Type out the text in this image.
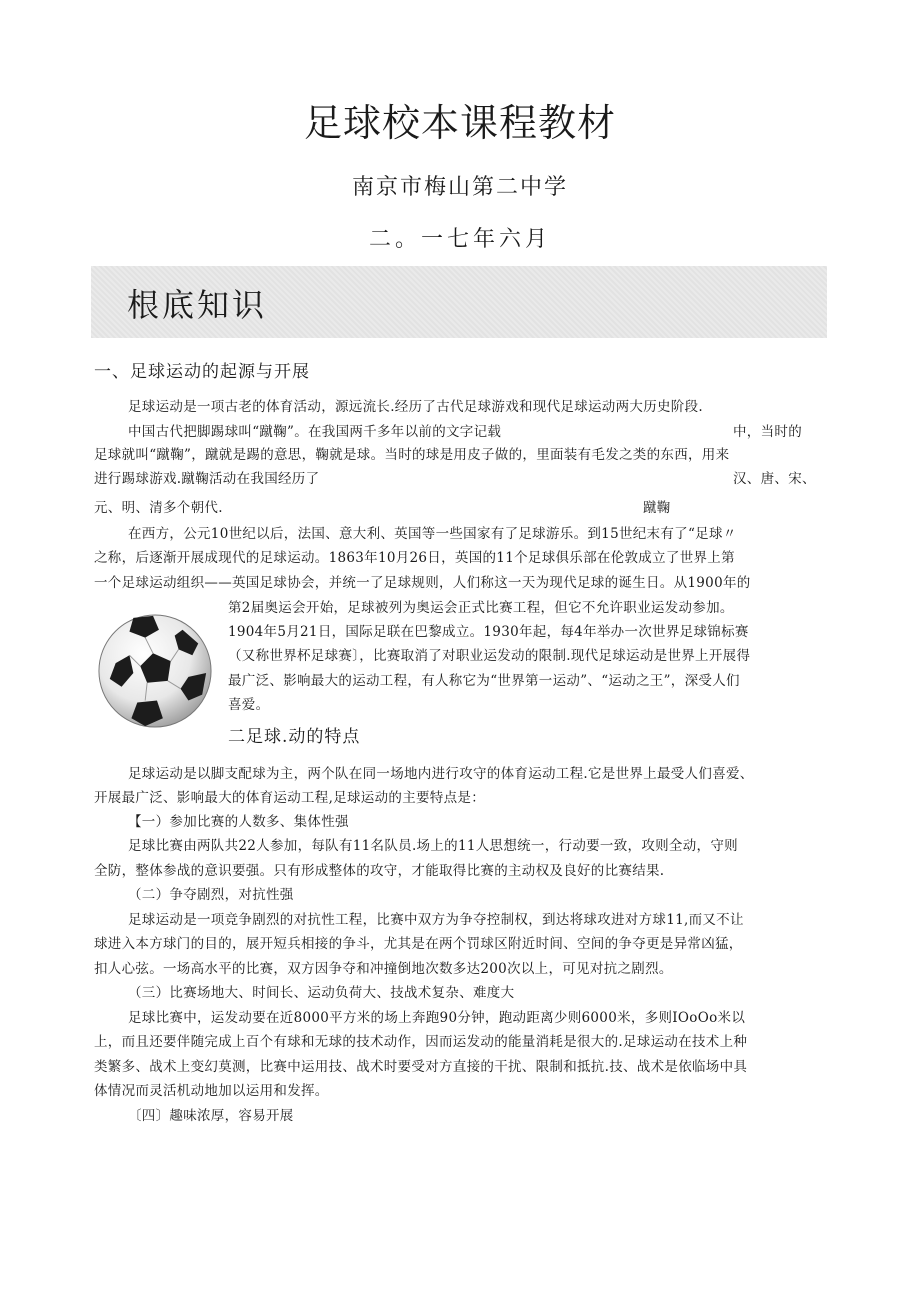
足球校本课程教材
南京市梅山第二中学
二。一七年六月
根底知识
一、足球运动的起源与开展
足球运动是一项古老的体育活动，源远流长.经历了古代足球游戏和现代足球运动两大历史阶段.
中国古代把脚踢球叫“蹴鞠”。在我国两千多年以前的文字记载	中，当时的
足球就叫“蹴鞠”，蹴就是踢的意思，鞠就是球。当时的球是用皮子做的，里面装有毛发之类的东西，用来
进行踢球游戏.蹴鞠活动在我国经历了	汉、唐、宋、
元、明、清多个朝代.	蹴鞠
在西方，公元10世纪以后，法国、意大利、英国等一些国家有了足球游乐。到15世纪末有了“足球〃
之称，后逐渐开展成现代的足球运动。1863年10月26日，英国的11个足球俱乐部在伦敦成立了世界上第
一个足球运动组织——英国足球协会，并统一了足球规则，人们称这一天为现代足球的诞生日。从1900年的
第2届奥运会开始，足球被列为奥运会正式比赛工程，但它不允许职业运发动参加。
1904年5月21日，国际足联在巴黎成立。1930年起，每4年举办一次世界足球锦标赛
（又称世界杯足球赛〕，比赛取消了对职业运发动的限制.现代足球运动是世界上开展得
最广泛、影响最大的运动工程，有人称它为“世界第一运动”、“运动之王”，深受人们
喜爱。
二足球.动的特点
足球运动是以脚支配球为主，两个队在同一场地内进行攻守的体育运动工程.它是世界上最受人们喜爱、
开展最广泛、影响最大的体育运动工程,足球运动的主要特点是：
【一）参加比赛的人数多、集体性强
足球比赛由两队共22人参加，每队有11名队员.场上的11人思想统一，行动要一致，攻则全动，守则
全防，整体参战的意识要强。只有形成整体的攻守，才能取得比赛的主动权及良好的比赛结果.
（二）争夺剧烈，对抗性强
足球运动是一项竞争剧烈的对抗性工程，比赛中双方为争夺控制权，到达将球攻进对方球11,而又不让
球进入本方球门的目的，展开短兵相接的争斗，尤其是在两个罚球区附近时间、空间的争夺更是异常凶猛，
扣人心弦。一场高水平的比赛，双方因争夺和冲撞倒地次数多达200次以上，可见对抗之剧烈。
（三）比赛场地大、时间长、运动负荷大、技战术复杂、难度大
足球比赛中，运发动要在近8000平方米的场上奔跑90分钟，跑动距离少则6000米，多则IOoOo米以
上，而且还要伴随完成上百个有球和无球的技术动作，因而运发动的能量消耗是很大的.足球运动在技术上种
类繁多、战术上变幻莫测，比赛中运用技、战术时要受对方直接的干扰、限制和抵抗.技、战术是依临场中具
体情况而灵活机动地加以运用和发挥。
〔四〕趣味浓厚，容易开展
